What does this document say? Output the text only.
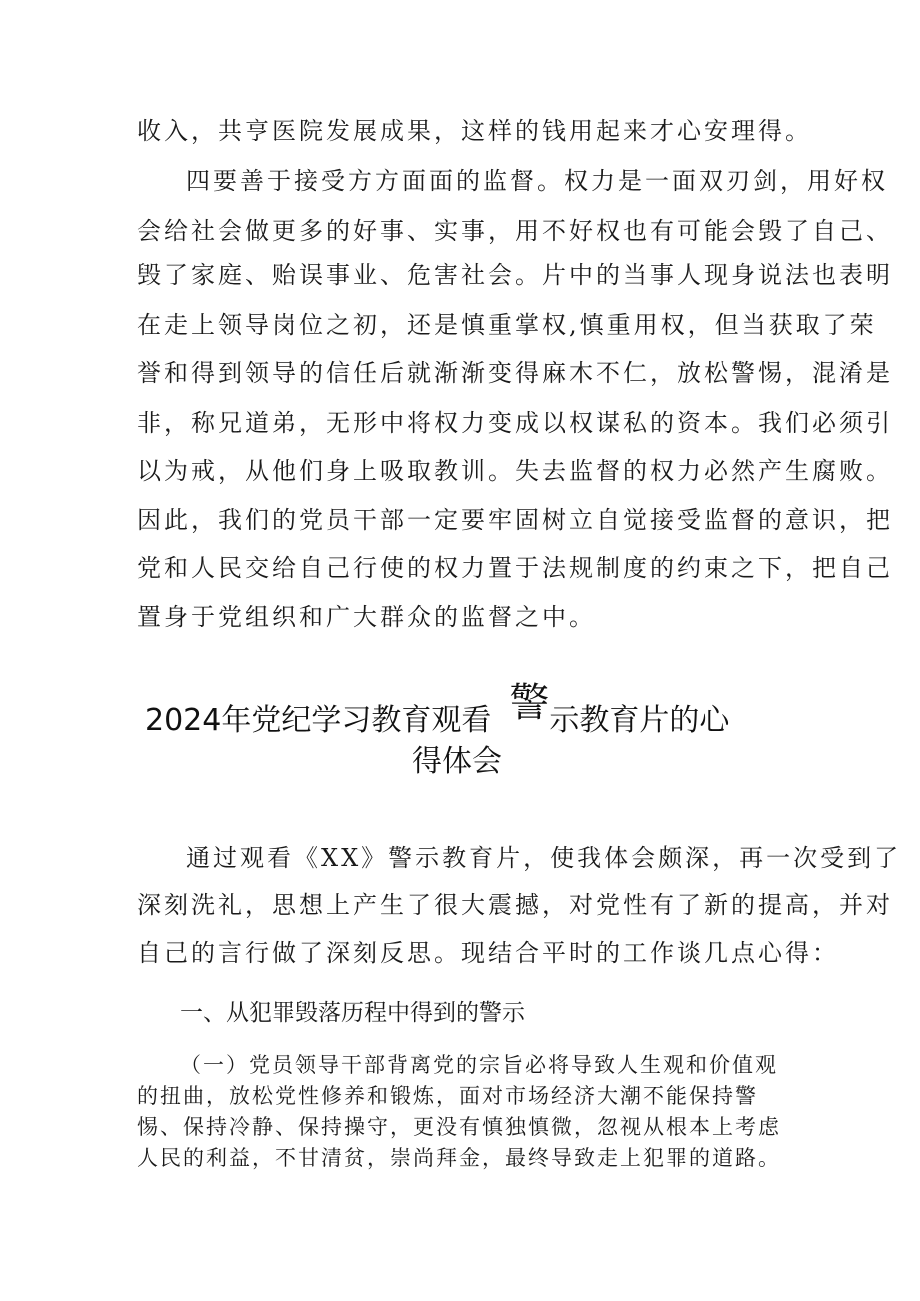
收入，共亨医院发展成果，这样的钱用起来才心安理得。
四要善于接受方方面面的监督。权力是一面双刃剑，用好权
会给社会做更多的好事、实事，用不好权也有可能会毁了自己、
毁了家庭、贻误事业、危害社会。片中的当事人现身说法也表明
在走上领导岗位之初，还是慎重掌权,慎重用权，但当获取了荣
誉和得到领导的信任后就渐渐变得麻木不仁，放松警惕，混淆是
非，称兄道弟，无形中将权力变成以权谋私的资本。我们必须引
以为戒，从他们身上吸取教训。失去监督的权力必然产生腐败。
因此，我们的党员干部一定要牢固树立自觉接受监督的意识，把
党和人民交给自己行使的权力置于法规制度的约束之下，把自己
置身于党组织和广大群众的监督之中。
2024年党纪学习教育观看 警示教育片的心
得体会
通过观看《XX》警示教育片，使我体会颇深，再一次受到了
深刻洗礼，思想上产生了很大震撼，对党性有了新的提高，并对
自己的言行做了深刻反思。现结合平时的工作谈几点心得：
一、从犯罪毁落历程中得到的警示
（一）党员领导干部背离党的宗旨必将导致人生观和价值观
的扭曲，放松党性修养和锻炼，面对市场经济大潮不能保持警
惕、保持冷静、保持操守，更没有慎独慎微，忽视从根本上考虑
人民的利益，不甘清贫，崇尚拜金，最终导致走上犯罪的道路。
